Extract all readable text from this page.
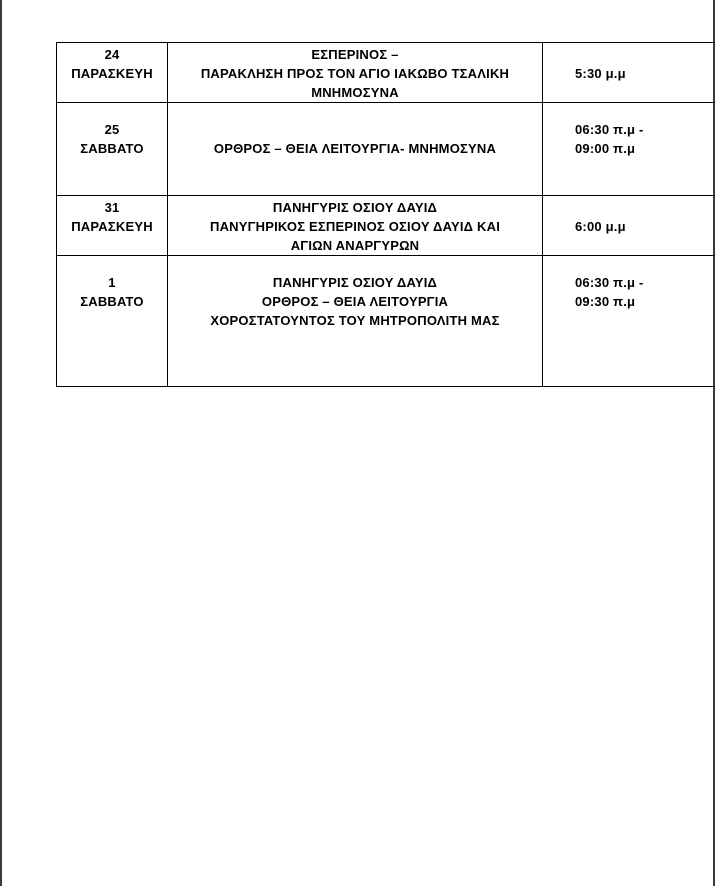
24
ΠΑΡΑΣΚΕΥΗ	ΕΣΠΕΡΙΝΟΣ –
ΠΑΡΑΚΛΗΣΗ ΠΡΟΣ ΤΟΝ ΑΓΙΟ ΙΑΚΩΒΟ ΤΣΑΛΙΚΗ
ΜΝΗΜΟΣΥΝΑ	5:30 μ.μ

25
ΣΑΒΒΑΤΟ	ΟΡΘΡΟΣ – ΘΕΙΑ ΛΕΙΤΟΥΡΓΙΑ- ΜΝΗΜΟΣΥΝΑ	06:30 π.μ -
09:00 π.μ

31
ΠΑΡΑΣΚΕΥΗ	ΠΑΝΗΓΥΡΙΣ ΟΣΙΟΥ ΔΑΥΙΔ
ΠΑΝΥΓΗΡΙΚΟΣ ΕΣΠΕΡΙΝΟΣ ΟΣΙΟΥ ΔΑΥΙΔ ΚΑΙ
ΑΓΙΩΝ ΑΝΑΡΓΥΡΩΝ	6:00 μ.μ

1
ΣΑΒΒΑΤΟ	ΠΑΝΗΓΥΡΙΣ ΟΣΙΟΥ ΔΑΥΙΔ
ΟΡΘΡΟΣ – ΘΕΙΑ ΛΕΙΤΟΥΡΓΙΑ
ΧΟΡΟΣΤΑΤΟΥΝΤΟΣ ΤΟΥ ΜΗΤΡΟΠΟΛΙΤΗ ΜΑΣ	06:30 π.μ -
09:30 π.μ
